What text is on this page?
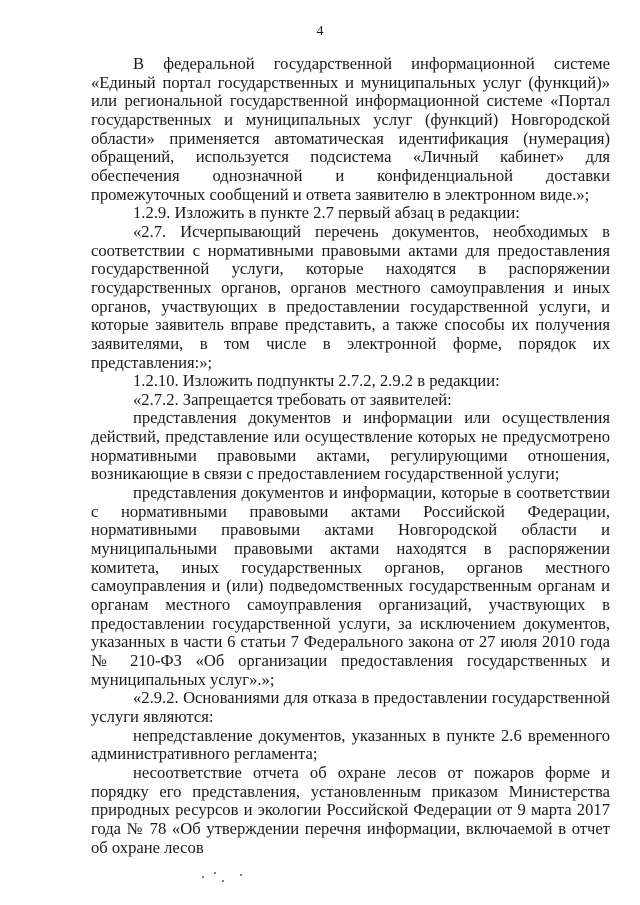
4

В федеральной государственной информационной системе «Единый портал государственных и муниципальных услуг (функций)» или региональной государственной информационной системе «Портал государственных и муниципальных услуг (функций) Новгородской области» применяется автоматическая идентификация (нумерация) обращений, используется подсистема «Личный кабинет» для обеспечения однозначной и конфиденциальной доставки промежуточных сообщений и ответа заявителю в электронном виде.»;

1.2.9. Изложить в пункте 2.7 первый абзац в редакции:

«2.7. Исчерпывающий перечень документов, необходимых в соответствии с нормативными правовыми актами для предоставления государственной услуги, которые находятся в распоряжении государственных органов, органов местного самоуправления и иных органов, участвующих в предоставлении государственной услуги, и которые заявитель вправе представить, а также способы их получения заявителями, в том числе в электронной форме, порядок их представления:»;

1.2.10. Изложить подпункты 2.7.2, 2.9.2 в редакции:

«2.7.2. Запрещается требовать от заявителей:

представления документов и информации или осуществления действий, представление или осуществление которых не предусмотрено нормативными правовыми актами, регулирующими отношения, возникающие в связи с предоставлением государственной услуги;

представления документов и информации, которые в соответствии с нормативными правовыми актами Российской Федерации, нормативными правовыми актами Новгородской области и муниципальными правовыми актами находятся в распоряжении комитета, иных государственных органов, органов местного самоуправления и (или) подведомственных государственным органам и органам местного самоуправления организаций, участвующих в предоставлении государственной услуги, за исключением документов, указанных в части 6 статьи 7 Федерального закона от 27 июля 2010 года № 210-ФЗ «Об организации предоставления государственных и муниципальных услуг».»;

«2.9.2. Основаниями для отказа в предоставлении государственной услуги являются:

непредставление документов, указанных в пункте 2.6 временного административного регламента;

несоответствие отчета об охране лесов от пожаров форме и порядку его представления, установленным приказом Министерства природных ресурсов и экологии Российской Федерации от 9 марта 2017 года № 78 «Об утверждении перечня информации, включаемой в отчет об охране лесов
